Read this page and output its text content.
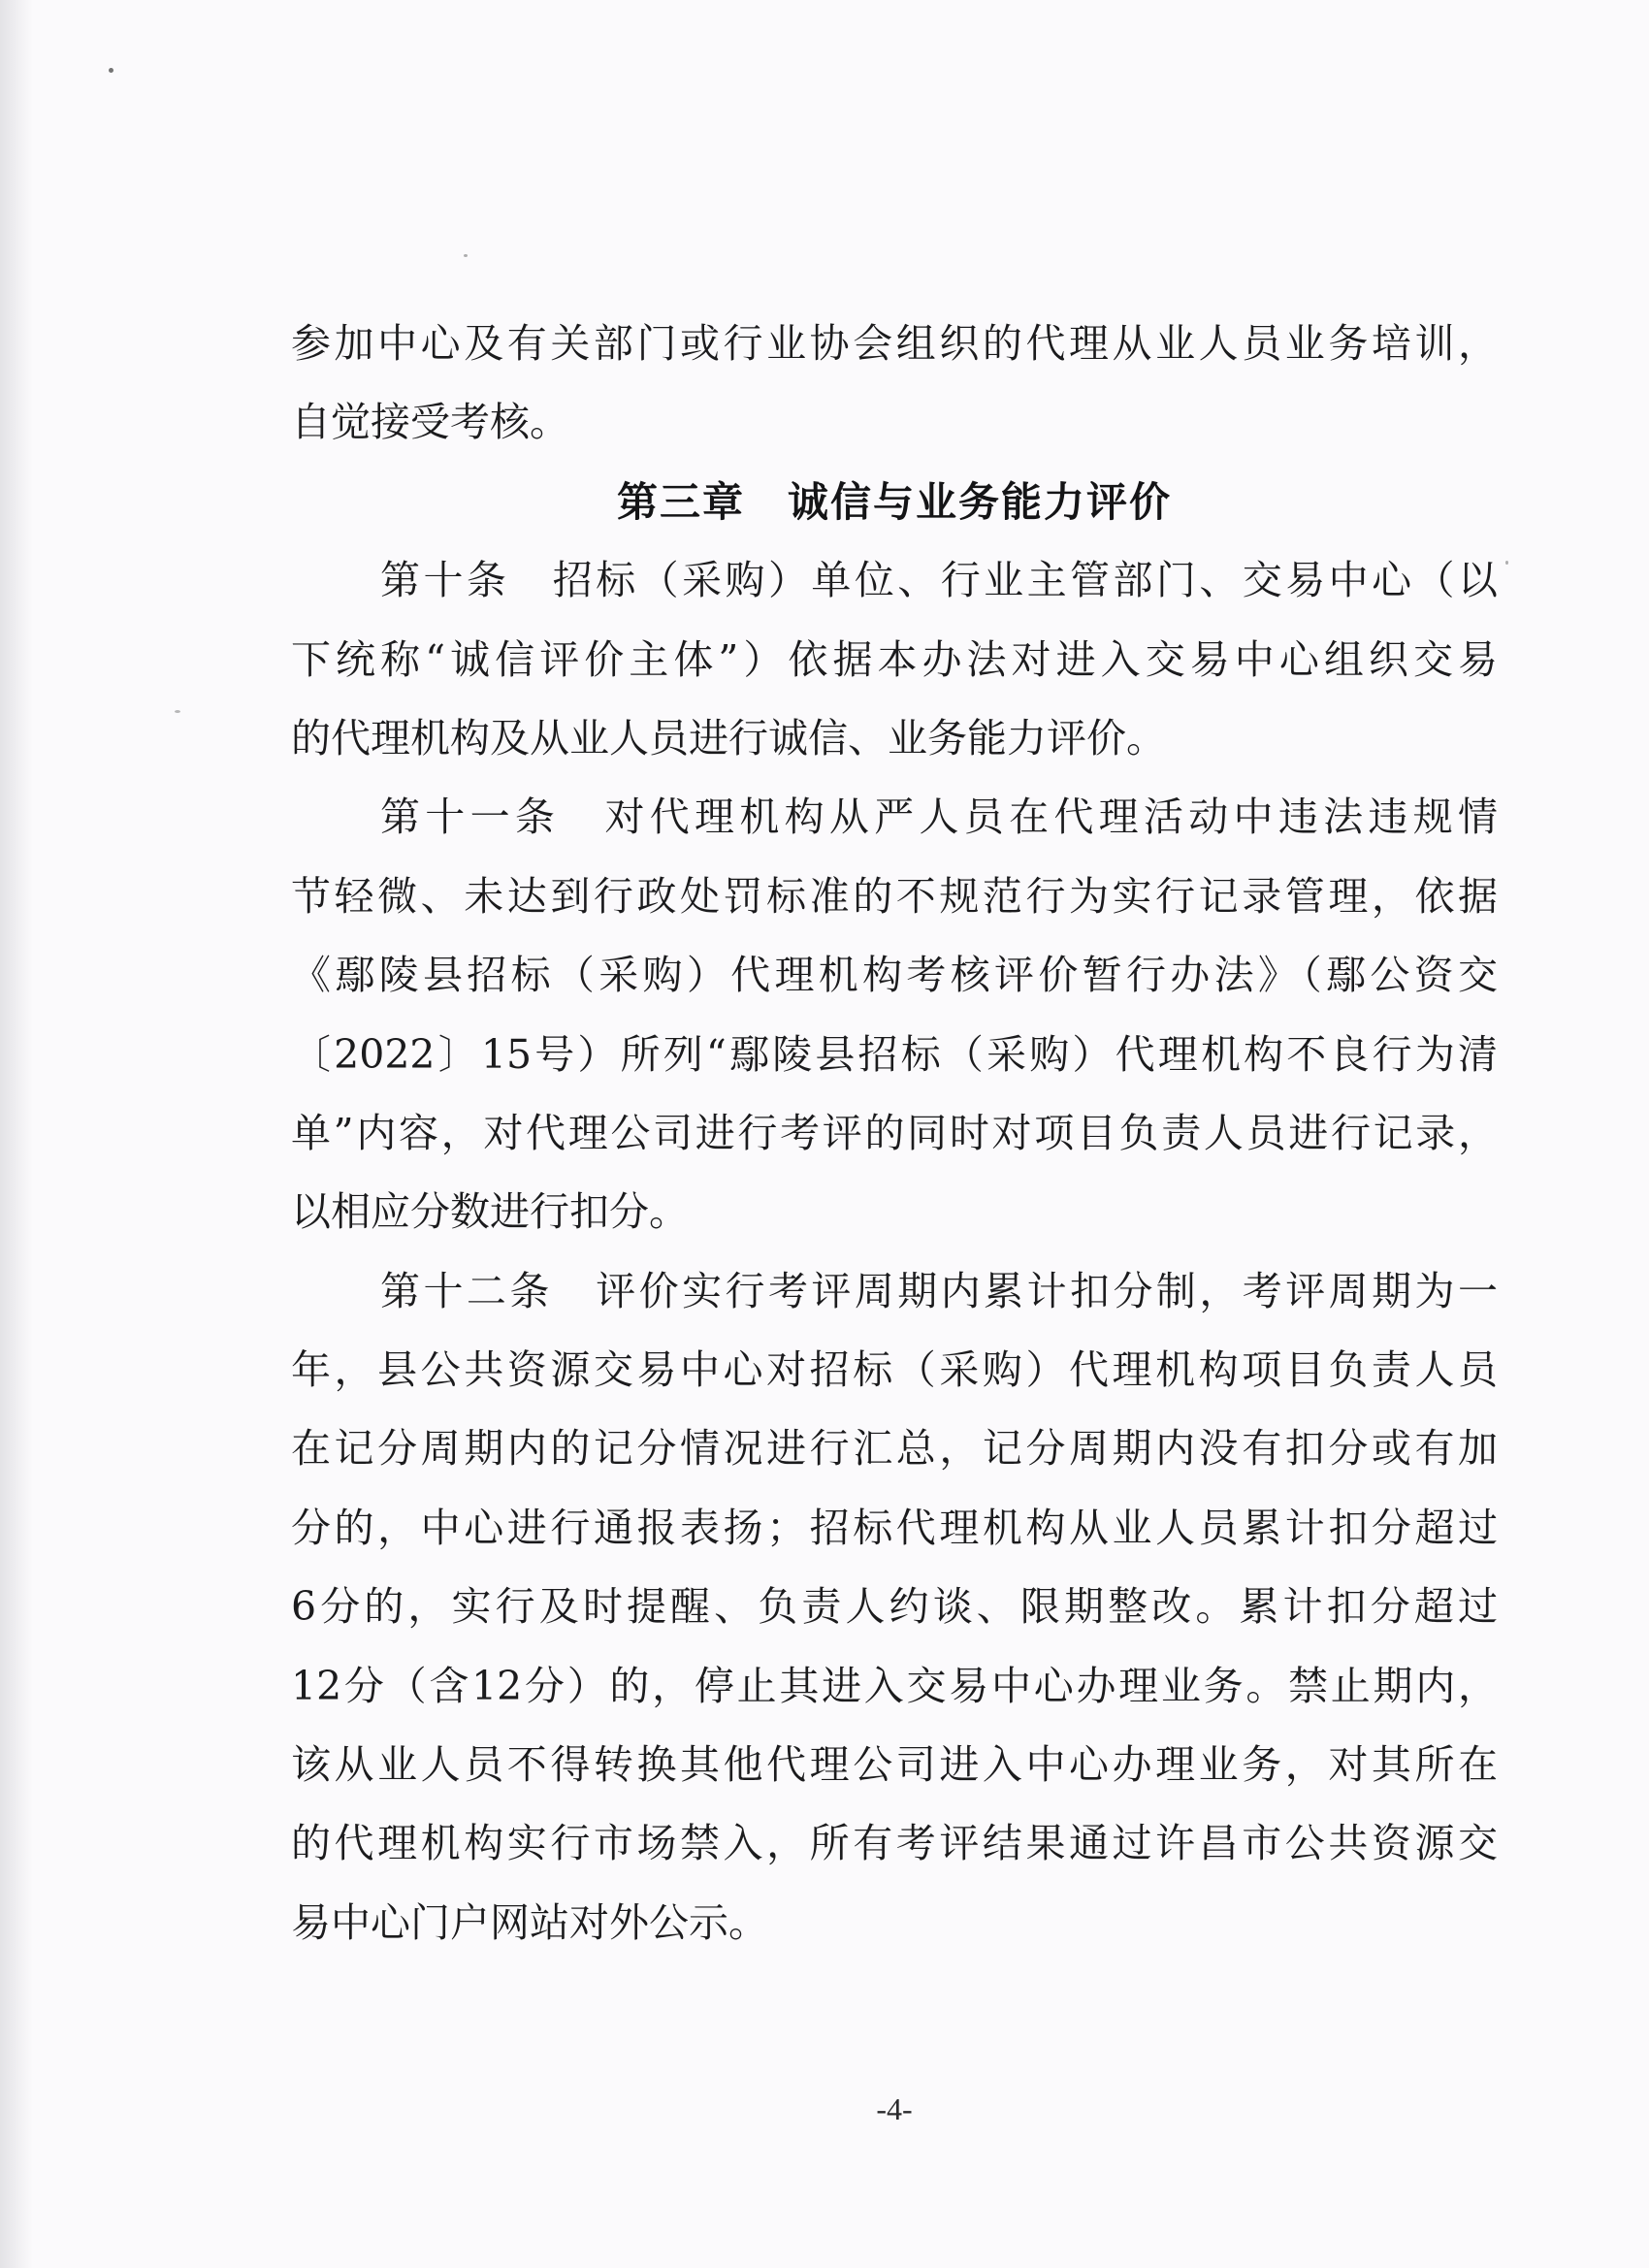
参加中心及有关部门或行业协会组织的代理从业人员业务培训，
自觉接受考核。
第三章　诚信与业务能力评价
第十条　招标（采购）单位、行业主管部门、交易中心（以
下统称“诚信评价主体”）依据本办法对进入交易中心组织交易
的代理机构及从业人员进行诚信、业务能力评价。
第十一条　对代理机构从严人员在代理活动中违法违规情
节轻微、未达到行政处罚标准的不规范行为实行记录管理，依据
《鄢陵县招标（采购）代理机构考核评价暂行办法》（鄢公资交
〔2022〕15号）所列“鄢陵县招标（采购）代理机构不良行为清
单”内容，对代理公司进行考评的同时对项目负责人员进行记录，
以相应分数进行扣分。
第十二条　评价实行考评周期内累计扣分制，考评周期为一
年，县公共资源交易中心对招标（采购）代理机构项目负责人员
在记分周期内的记分情况进行汇总，记分周期内没有扣分或有加
分的，中心进行通报表扬；招标代理机构从业人员累计扣分超过
6分的，实行及时提醒、负责人约谈、限期整改。累计扣分超过
12分（含12分）的，停止其进入交易中心办理业务。禁止期内，
该从业人员不得转换其他代理公司进入中心办理业务，对其所在
的代理机构实行市场禁入，所有考评结果通过许昌市公共资源交
易中心门户网站对外公示。
-4-
